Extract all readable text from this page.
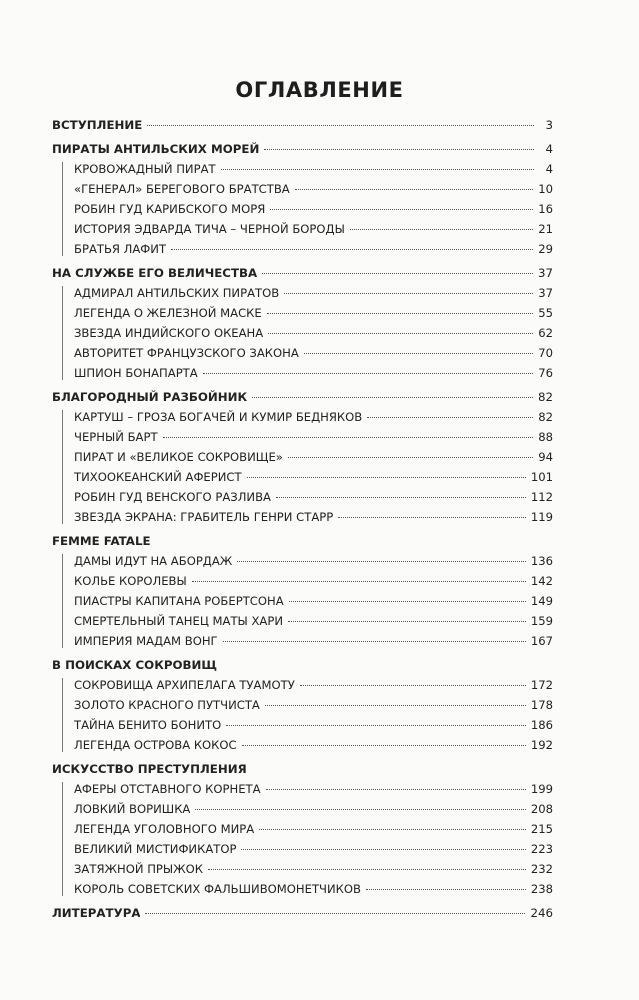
ОГЛАВЛЕНИЕ
ВСТУПЛЕНИЕ	3
ПИРАТЫ АНТИЛЬСКИХ МОРЕЙ	4
КРОВОЖАДНЫЙ ПИРАТ	4
«ГЕНЕРАЛ» БЕРЕГОВОГО БРАТСТВА	10
РОБИН ГУД КАРИБСКОГО МОРЯ	16
ИСТОРИЯ ЭДВАРДА ТИЧА – ЧЕРНОЙ БОРОДЫ	21
БРАТЬЯ ЛАФИТ	29
НА СЛУЖБЕ ЕГО ВЕЛИЧЕСТВА	37
АДМИРАЛ АНТИЛЬСКИХ ПИРАТОВ	37
ЛЕГЕНДА О ЖЕЛЕЗНОЙ МАСКЕ	55
ЗВЕЗДА ИНДИЙСКОГО ОКЕАНА	62
АВТОРИТЕТ ФРАНЦУЗСКОГО ЗАКОНА	70
ШПИОН БОНАПАРТА	76
БЛАГОРОДНЫЙ РАЗБОЙНИК	82
КАРТУШ – ГРОЗА БОГАЧЕЙ И КУМИР БЕДНЯКОВ	82
ЧЕРНЫЙ БАРТ	88
ПИРАТ И «ВЕЛИКОЕ СОКРОВИЩЕ»	94
ТИХООКЕАНСКИЙ АФЕРИСТ	101
РОБИН ГУД ВЕНСКОГО РАЗЛИВА	112
ЗВЕЗДА ЭКРАНА: ГРАБИТЕЛЬ ГЕНРИ СТАРР	119
FEMME FATALE
ДАМЫ ИДУТ НА АБОРДАЖ	136
КОЛЬЕ КОРОЛЕВЫ	142
ПИАСТРЫ КАПИТАНА РОБЕРТСОНА	149
СМЕРТЕЛЬНЫЙ ТАНЕЦ МАТЫ ХАРИ	159
ИМПЕРИЯ МАДАМ ВОНГ	167
В ПОИСКАХ СОКРОВИЩ
СОКРОВИЩА АРХИПЕЛАГА ТУАМОТУ	172
ЗОЛОТО КРАСНОГО ПУТЧИСТА	178
ТАЙНА БЕНИТО БОНИТО	186
ЛЕГЕНДА ОСТРОВА КОКОС	192
ИСКУССТВО ПРЕСТУПЛЕНИЯ
АФЕРЫ ОТСТАВНОГО КОРНЕТА	199
ЛОВКИЙ ВОРИШКА	208
ЛЕГЕНДА УГОЛОВНОГО МИРА	215
ВЕЛИКИЙ МИСТИФИКАТОР	223
ЗАТЯЖНОЙ ПРЫЖОК	232
КОРОЛЬ СОВЕТСКИХ ФАЛЬШИВОМОНЕТЧИКОВ	238
ЛИТЕРАТУРА	246
